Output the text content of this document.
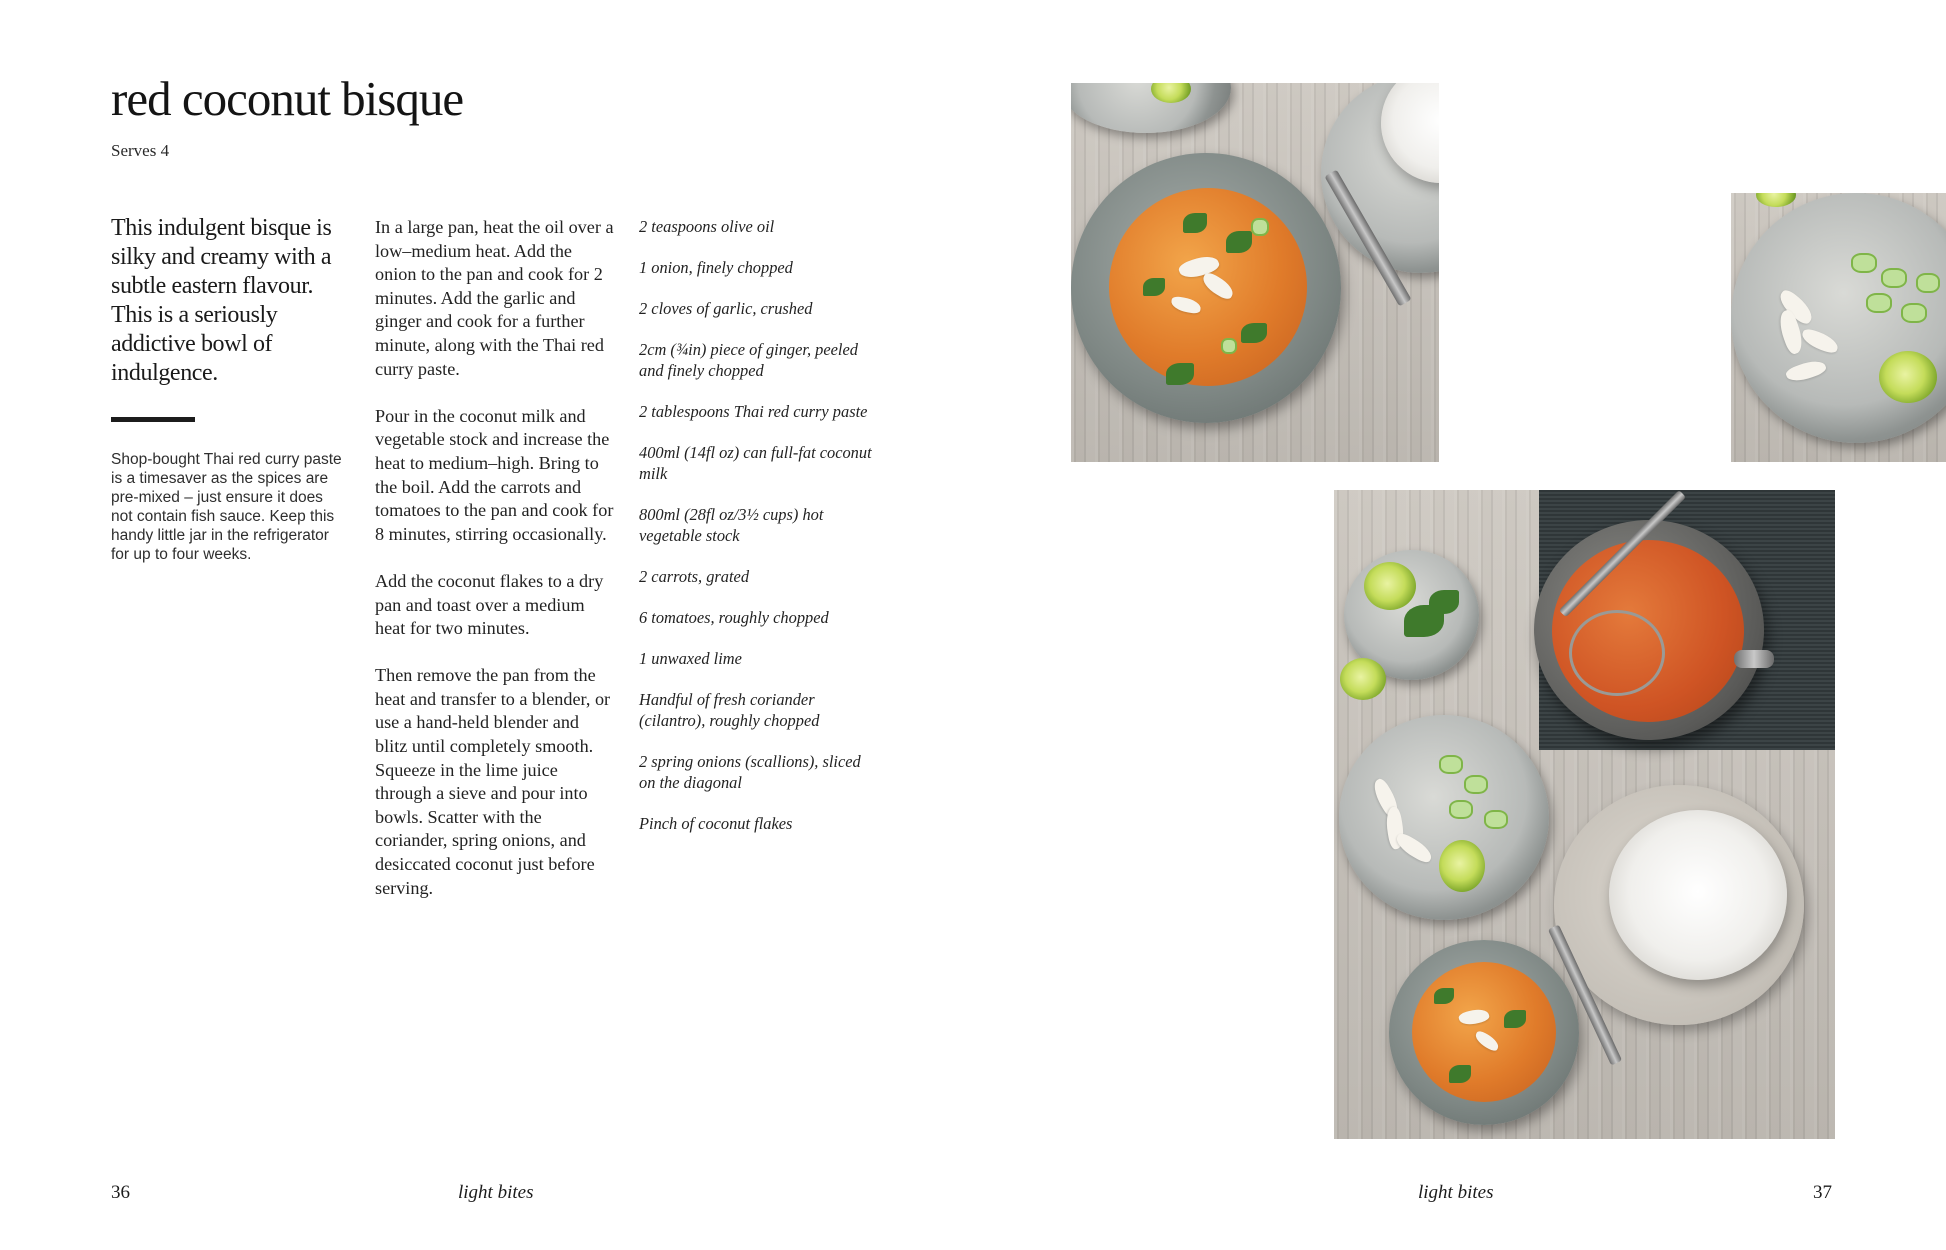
red coconut bisque
Serves 4
This indulgent bisque is silky and creamy with a subtle eastern flavour. This is a seriously addictive bowl of indulgence.
Shop-bought Thai red curry paste is a timesaver as the spices are pre-mixed – just ensure it does not contain fish sauce. Keep this handy little jar in the refrigerator for up to four weeks.

In a large pan, heat the oil over a low–medium heat. Add the onion to the pan and cook for 2 minutes. Add the garlic and ginger and cook for a further minute, along with the Thai red curry paste.

Pour in the coconut milk and vegetable stock and increase the heat to medium–high. Bring to the boil. Add the carrots and tomatoes to the pan and cook for 8 minutes, stirring occasionally.

Add the coconut flakes to a dry pan and toast over a medium heat for two minutes.

Then remove the pan from the heat and transfer to a blender, or use a hand-held blender and blitz until completely smooth. Squeeze in the lime juice through a sieve and pour into bowls. Scatter with the coriander, spring onions, and desiccated coconut just before serving.

2 teaspoons olive oil
1 onion, finely chopped
2 cloves of garlic, crushed
2cm (¾in) piece of ginger, peeled and finely chopped
2 tablespoons Thai red curry paste
400ml (14fl oz) can full-fat coconut milk
800ml (28fl oz/3½ cups) hot vegetable stock
2 carrots, grated
6 tomatoes, roughly chopped
1 unwaxed lime
Handful of fresh coriander (cilantro), roughly chopped
2 spring onions (scallions), sliced on the diagonal
Pinch of coconut flakes
36	light bites	light bites	37
